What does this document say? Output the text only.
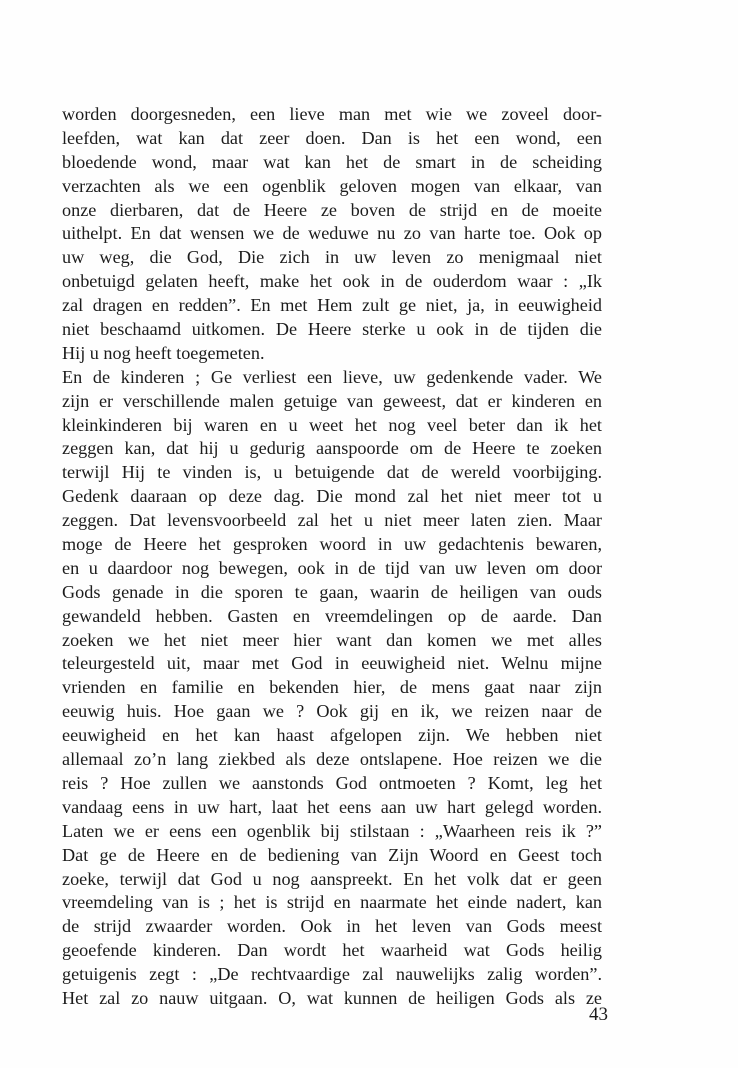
worden doorgesneden, een lieve man met wie we zoveel door-
leefden, wat kan dat zeer doen. Dan is het een wond, een
bloedende wond, maar wat kan het de smart in de scheiding
verzachten als we een ogenblik geloven mogen van elkaar, van
onze dierbaren, dat de Heere ze boven de strijd en de moeite
uithelpt. En dat wensen we de weduwe nu zo van harte toe. Ook op
uw weg, die God, Die zich in uw leven zo menigmaal niet
onbetuigd gelaten heeft, make het ook in de ouderdom waar : „Ik
zal dragen en redden”. En met Hem zult ge niet, ja, in eeuwigheid
niet beschaamd uitkomen. De Heere sterke u ook in de tijden die
Hij u nog heeft toegemeten.
En de kinderen ; Ge verliest een lieve, uw gedenkende vader. We
zijn er verschillende malen getuige van geweest, dat er kinderen en
kleinkinderen bij waren en u weet het nog veel beter dan ik het
zeggen kan, dat hij u gedurig aanspoorde om de Heere te zoeken
terwijl Hij te vinden is, u betuigende dat de wereld voorbijging.
Gedenk daaraan op deze dag. Die mond zal het niet meer tot u
zeggen. Dat levensvoorbeeld zal het u niet meer laten zien. Maar
moge de Heere het gesproken woord in uw gedachtenis bewaren,
en u daardoor nog bewegen, ook in de tijd van uw leven om door
Gods genade in die sporen te gaan, waarin de heiligen van ouds
gewandeld hebben. Gasten en vreemdelingen op de aarde. Dan
zoeken we het niet meer hier want dan komen we met alles
teleurgesteld uit, maar met God in eeuwigheid niet. Welnu mijne
vrienden en familie en bekenden hier, de mens gaat naar zijn
eeuwig huis. Hoe gaan we ? Ook gij en ik, we reizen naar de
eeuwigheid en het kan haast afgelopen zijn. We hebben niet
allemaal zo’n lang ziekbed als deze ontslapene. Hoe reizen we die
reis ? Hoe zullen we aanstonds God ontmoeten ? Komt, leg het
vandaag eens in uw hart, laat het eens aan uw hart gelegd worden.
Laten we er eens een ogenblik bij stilstaan : „Waarheen reis ik ?”
Dat ge de Heere en de bediening van Zijn Woord en Geest toch
zoeke, terwijl dat God u nog aanspreekt. En het volk dat er geen
vreemdeling van is ; het is strijd en naarmate het einde nadert, kan
de strijd zwaarder worden. Ook in het leven van Gods meest
geoefende kinderen. Dan wordt het waarheid wat Gods heilig
getuigenis zegt : „De rechtvaardige zal nauwelijks zalig worden”.
Het zal zo nauw uitgaan. O, wat kunnen de heiligen Gods als ze
43
